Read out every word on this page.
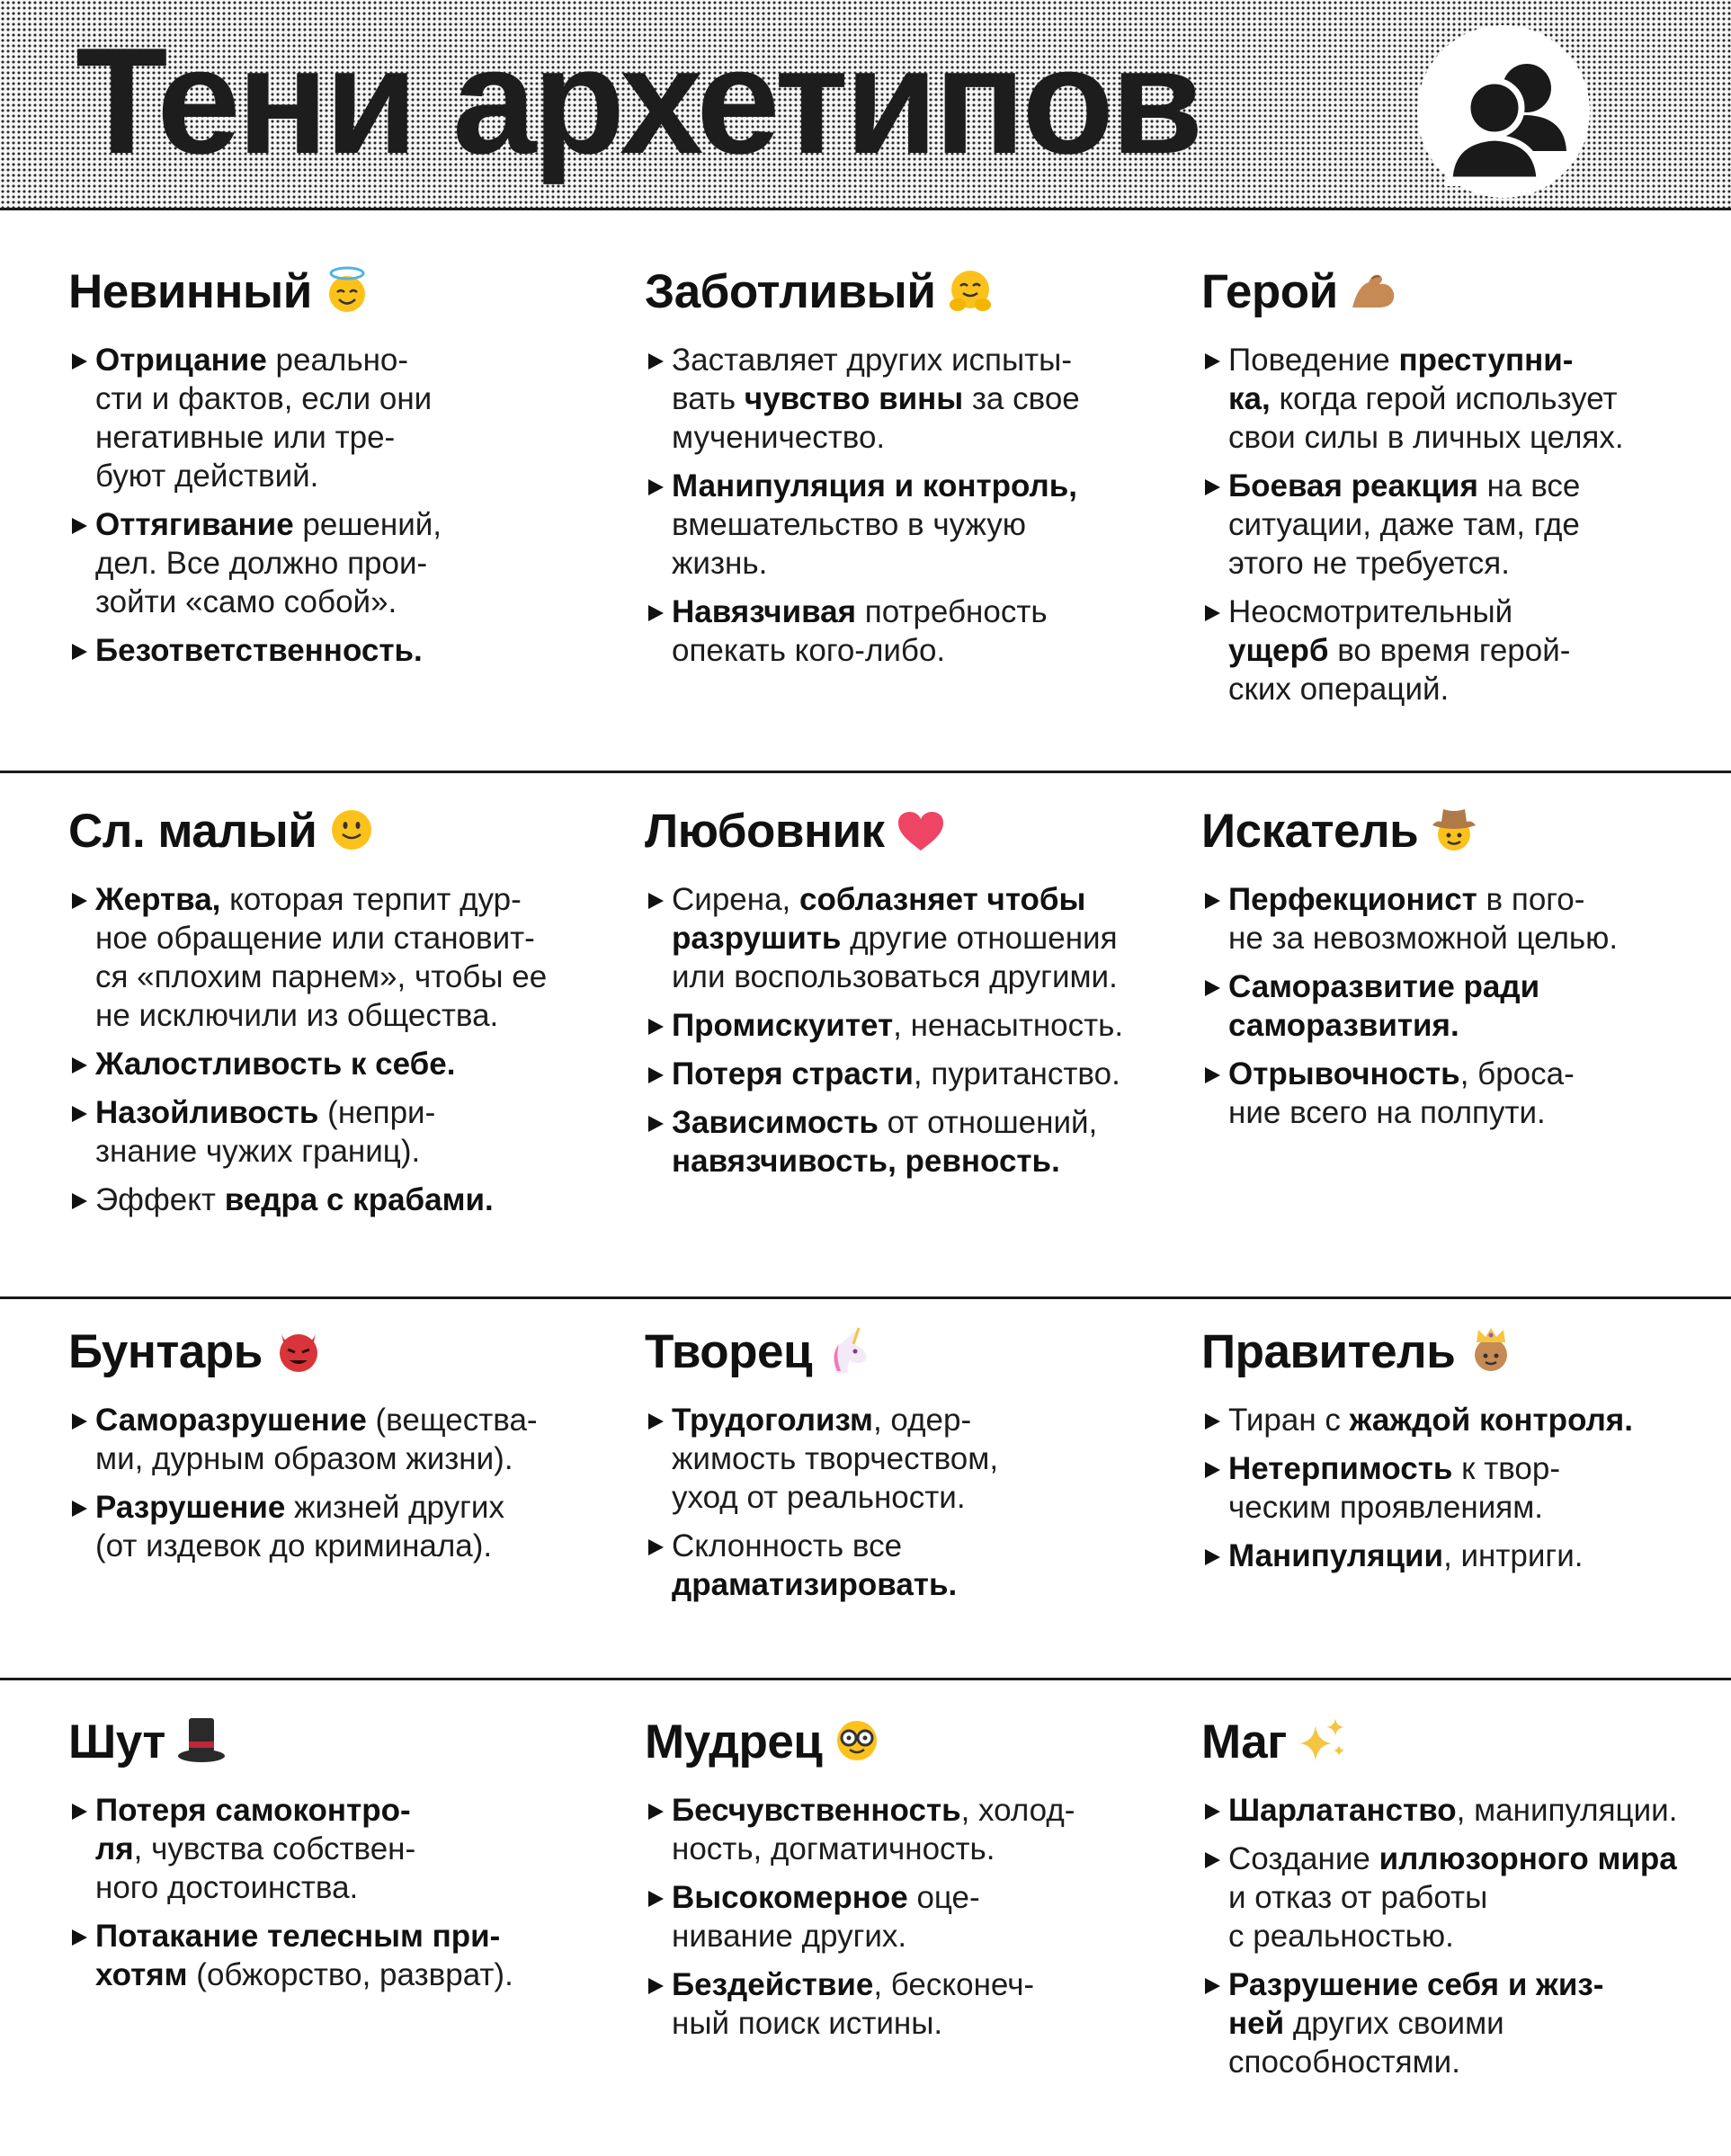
Тени архетипов
Невинный
Отрицание реально-
сти и фактов, если они
негативные или тре-
буют действий.
Оттягивание решений,
дел. Все должно прои-
зойти «само собой».
Безответственность.
Заботливый
Заставляет других испыты-
вать чувство вины за свое
мученичество.
Манипуляция и контроль,
вмешательство в чужую
жизнь.
Навязчивая потребность
опекать кого-либо.
Герой
Поведение преступни-
ка, когда герой использует
свои силы в личных целях.
Боевая реакция на все
ситуации, даже там, где
этого не требуется.
Неосмотрительный
ущерб во время герой-
ских операций.
Сл. малый
Жертва, которая терпит дур-
ное обращение или становит-
ся «плохим парнем», чтобы ее
не исключили из общества.
Жалостливость к себе.
Назойливость (непри-
знание чужих границ).
Эффект ведра с крабами.
Любовник
Сирена, соблазняет чтобы
разрушить другие отношения
или воспользоваться другими.
Промискуитет, ненасытность.
Потеря страсти, пуританство.
Зависимость от отношений,
навязчивость, ревность.
Искатель
Перфекционист в пого-
не за невозможной целью.
Саморазвитие ради
саморазвития.
Отрывочность, броса-
ние всего на полпути.
Бунтарь
Саморазрушение (вещества-
ми, дурным образом жизни).
Разрушение жизней других
(от издевок до криминала).
Творец
Трудоголизм, одер-
жимость творчеством,
уход от реальности.
Склонность все
драматизировать.
Правитель
Тиран с жаждой контроля.
Нетерпимость к твор-
ческим проявлениям.
Манипуляции, интриги.
Шут
Потеря самоконтро-
ля, чувства собствен-
ного достоинства.
Потакание телесным при-
хотям (обжорство, разврат).
Мудрец
Бесчувственность, холод-
ность, догматичность.
Высокомерное оце-
нивание других.
Бездействие, бесконеч-
ный поиск истины.
Маг
Шарлатанство, манипуляции.
Создание иллюзорного мира
и отказ от работы
с реальностью.
Разрушение себя и жиз-
ней других своими
способностями.
